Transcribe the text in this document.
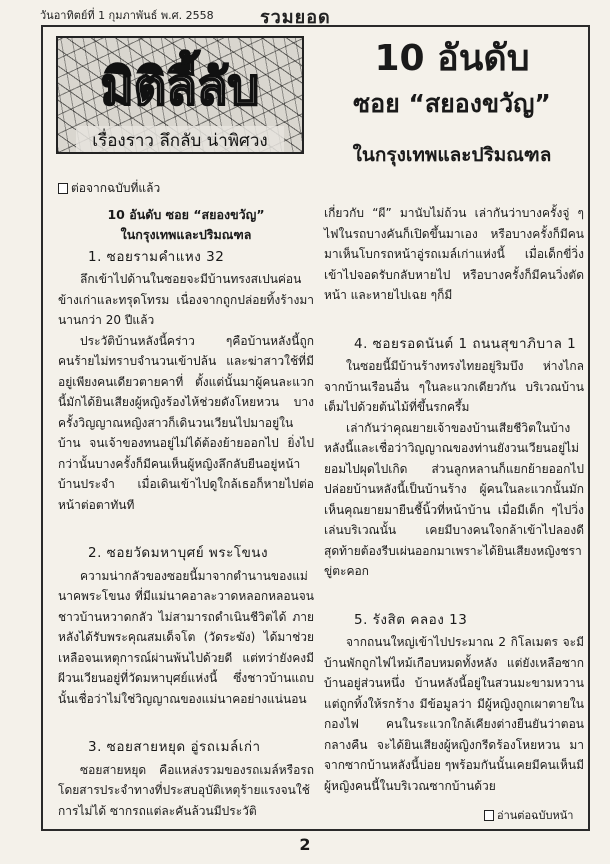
วันอาทิตย์ที่ 1 กุมภาพันธ์ พ.ศ. 2558	รวมยอด
มิติลี้ลับ
เรื่องราว ลึกลับ น่าพิศวง
10 อันดับ
ซอย “สยองขวัญ”
ในกรุงเทพและปริมณฑล
ต่อจากฉบับที่แล้ว
10 อันดับ ซอย “สยองขวัญ”
ในกรุงเทพและปริมณฑล
1. ซอยรามคำแหง 32

ลึกเข้าไปด้านในซอยจะมีบ้านทรงสเปนค่อนข้างเก่าและทรุดโทรม เนื่องจากถูกปล่อยทิ้งร้างมานานกว่า 20 ปีแล้ว

ประวัติบ้านหลังนี้คร่าว ๆคือบ้านหลังนี้ถูกคนร้ายไม่ทราบจำนวนเข้าปล้น และฆ่าสาวใช้ที่มีอยู่เพียงคนเดียวตายคาที่ ตั้งแต่นั้นมาผู้คนละแวกนี้มักได้ยินเสียงผู้หญิงร้องไห้ช่วยดังโหยหวน บางครั้งวิญญาณหญิงสาวก็เดินวนเวียนไปมาอยู่ในบ้าน จนเจ้าของทนอยู่ไม่ได้ต้องย้ายออกไป ยิ่งไปกว่านั้นบางครั้งก็มีคนเห็นผู้หญิงลึกลับยืนอยู่หน้าบ้านประจำ เมื่อเดินเข้าไปดูใกล้เธอก็หายไปต่อหน้าต่อตาทันที

2. ซอยวัดมหาบุศย์ พระโขนง

ความน่ากลัวของซอยนี้มาจากตำนานของแม่นาคพระโขนง ที่มีแม่นาคอาละวาดหลอกหลอนจนชาวบ้านหวาดกลัว ไม่สามารถดำเนินชีวิตได้ ภายหลังได้รับพระคุณสมเด็จโต (วัดระฆัง) ได้มาช่วยเหลือจนเหตุการณ์ผ่านพ้นไปด้วยดี แต่ทว่ายังคงมีผีวนเวียนอยู่ที่วัดมหาบุศย์แห่งนี้ ซึ่งชาวบ้านแถบนั้นเชื่อว่าไม่ใช่วิญญาณของแม่นาคอย่างแน่นอน

3. ซอยสายหยุด อู่รถเมล์เก่า

ซอยสายหยุด คือแหล่งรวมของรถเมล์หรือรถโดยสารประจำทางที่ประสบอุบัติเหตุร้ายแรงจนใช้การไม่ได้ ซากรถแต่ละคันล้วนมีประวัติ

เกี่ยวกับ “ผี” มานับไม่ถ้วน เล่ากันว่าบางครั้งจู่ ๆ ไฟในรถบางคันก็เปิดขึ้นมาเอง หรือบางครั้งก็มีคนมาเห็นโบกรถหน้าอู่รถเมล์เก่าแห่งนี้ เมื่อเด็กขี่วิ่งเข้าไปจอดรับกลับหายไป หรือบางครั้งก็มีคนวิ่งตัดหน้า และหายไปเฉย ๆก็มี

4. ซอยรอดนันต์ 1 ถนนสุขาภิบาล 1

ในซอยนี้มีบ้านร้างทรงไทยอยู่ริมบึง ห่างไกลจากบ้านเรือนอื่น ๆในละแวกเดียวกัน บริเวณบ้านเต็มไปด้วยต้นไม้ที่ขึ้นรกครึ้ม

เล่ากันว่าคุณยายเจ้าของบ้านเสียชีวิตในบ้างหลังนี้และเชื่อว่าวิญญาณของท่านยังวนเวียนอยู่ไม่ยอมไปผุดไปเกิด ส่วนลูกหลานก็แยกย้ายออกไป ปล่อยบ้านหลังนี้เป็นบ้านร้าง ผู้คนในละแวกนั้นมักเห็นคุณยายมายืนชี้นิ้วที่หน้าบ้าน เมื่อมีเด็ก ๆไปวิ่งเล่นบริเวณนั้น เคยมีบางคนใจกล้าเข้าไปลองดี สุดท้ายต้องรีบเผ่นออกมาเพราะได้ยินเสียงหญิงชราขู่ตะคอก

5. รังสิต คลอง 13

จากถนนใหญ่เข้าไปประมาณ 2 กิโลเมตร จะมีบ้านพักถูกไฟไหม้เกือบหมดทั้งหลัง แต่ยังเหลือซากบ้านอยู่ส่วนหนึ่ง บ้านหลังนี้อยู่ในสวนมะขามหวาน แต่ถูกทิ้งให้รกร้าง มีข้อมูลว่า มีผู้หญิงถูกเผาตายในกองไฟ คนในระแวกใกล้เคียงต่างยืนยันว่าตอนกลางคืน จะได้ยินเสียงผู้หญิงกรีดร้องโหยหวน มาจากซากบ้านหลังนี้บ่อย ๆพร้อมกันนั้นเคยมีคนเห็นมีผู้หญิงคนนี้ในบริเวณซากบ้านด้วย

อ่านต่อฉบับหน้า
2
